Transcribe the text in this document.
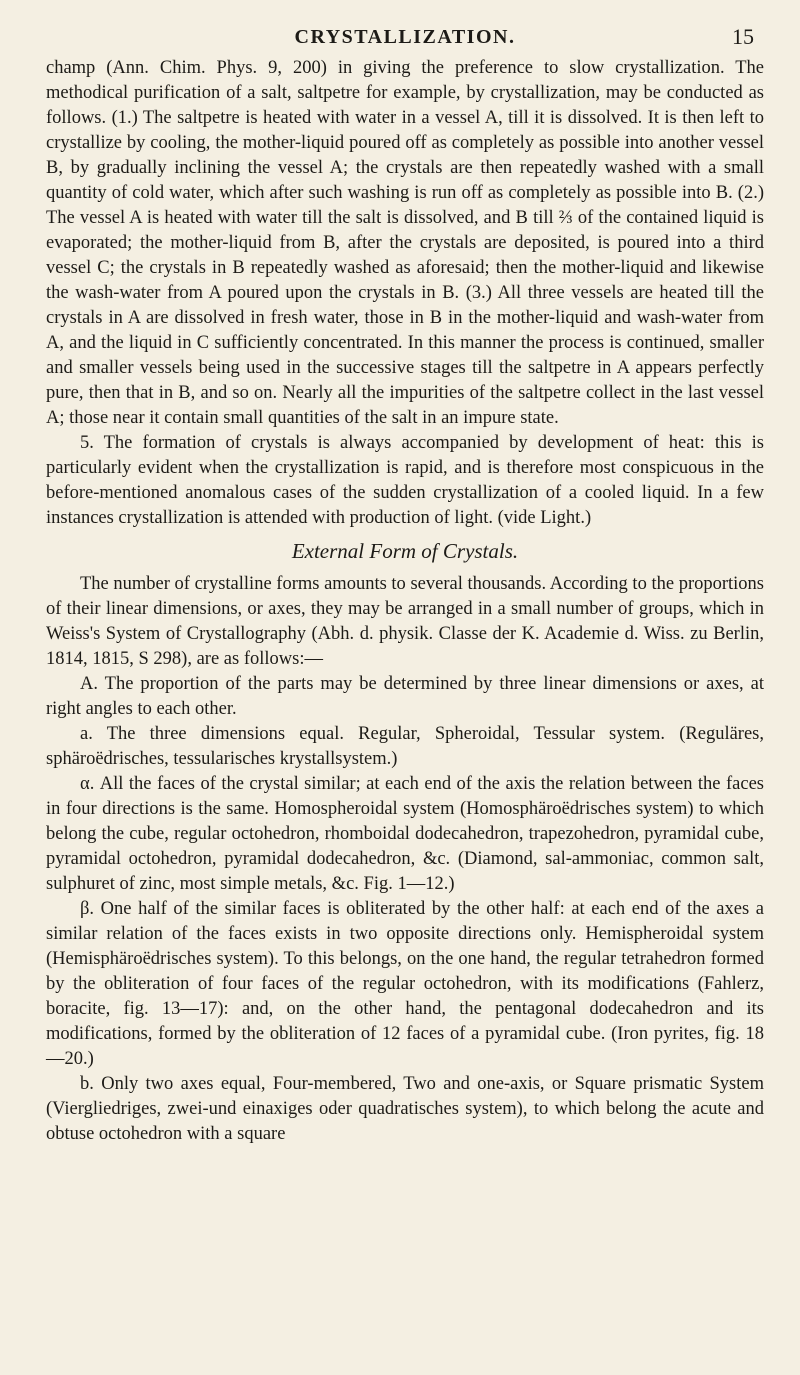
CRYSTALLIZATION.	15

champ (Ann. Chim. Phys. 9, 200) in giving the preference to slow crystallization. The methodical purification of a salt, saltpetre for example, by crystallization, may be conducted as follows. (1.) The saltpetre is heated with water in a vessel A, till it is dissolved. It is then left to crystallize by cooling, the mother-liquid poured off as completely as possible into another vessel B, by gradually inclining the vessel A; the crystals are then repeatedly washed with a small quantity of cold water, which after such washing is run off as completely as possible into B. (2.) The vessel A is heated with water till the salt is dissolved, and B till ⅔ of the contained liquid is evaporated; the mother-liquid from B, after the crystals are deposited, is poured into a third vessel C; the crystals in B repeatedly washed as aforesaid; then the mother-liquid and likewise the wash-water from A poured upon the crystals in B. (3.) All three vessels are heated till the crystals in A are dissolved in fresh water, those in B in the mother-liquid and wash-water from A, and the liquid in C sufficiently concentrated. In this manner the process is continued, smaller and smaller vessels being used in the successive stages till the saltpetre in A appears perfectly pure, then that in B, and so on. Nearly all the impurities of the saltpetre collect in the last vessel A; those near it contain small quantities of the salt in an impure state.

5. The formation of crystals is always accompanied by development of heat: this is particularly evident when the crystallization is rapid, and is therefore most conspicuous in the before-mentioned anomalous cases of the sudden crystallization of a cooled liquid. In a few instances crystallization is attended with production of light. (vide Light.)

External Form of Crystals.

The number of crystalline forms amounts to several thousands. According to the proportions of their linear dimensions, or axes, they may be arranged in a small number of groups, which in Weiss's System of Crystallography (Abh. d. physik. Classe der K. Academie d. Wiss. zu Berlin, 1814, 1815, S 298), are as follows:—

A. The proportion of the parts may be determined by three linear dimensions or axes, at right angles to each other.

a. The three dimensions equal. Regular, Spheroidal, Tessular system. (Reguläres, sphäroëdrisches, tessularisches krystallsystem.)

α. All the faces of the crystal similar; at each end of the axis the relation between the faces in four directions is the same. Homospheroidal system (Homosphäroëdrisches system) to which belong the cube, regular octohedron, rhomboidal dodecahedron, trapezohedron, pyramidal cube, pyramidal octohedron, pyramidal dodecahedron, &c. (Diamond, sal-ammoniac, common salt, sulphuret of zinc, most simple metals, &c. Fig. 1—12.)

β. One half of the similar faces is obliterated by the other half: at each end of the axes a similar relation of the faces exists in two opposite directions only. Hemispheroidal system (Hemisphäroëdrisches system). To this belongs, on the one hand, the regular tetrahedron formed by the obliteration of four faces of the regular octohedron, with its modifications (Fahlerz, boracite, fig. 13—17): and, on the other hand, the pentagonal dodecahedron and its modifications, formed by the obliteration of 12 faces of a pyramidal cube. (Iron pyrites, fig. 18—20.)

b. Only two axes equal, Four-membered, Two and one-axis, or Square prismatic System (Viergliedriges, zwei-und einaxiges oder quadratisches system), to which belong the acute and obtuse octohedron with a square
